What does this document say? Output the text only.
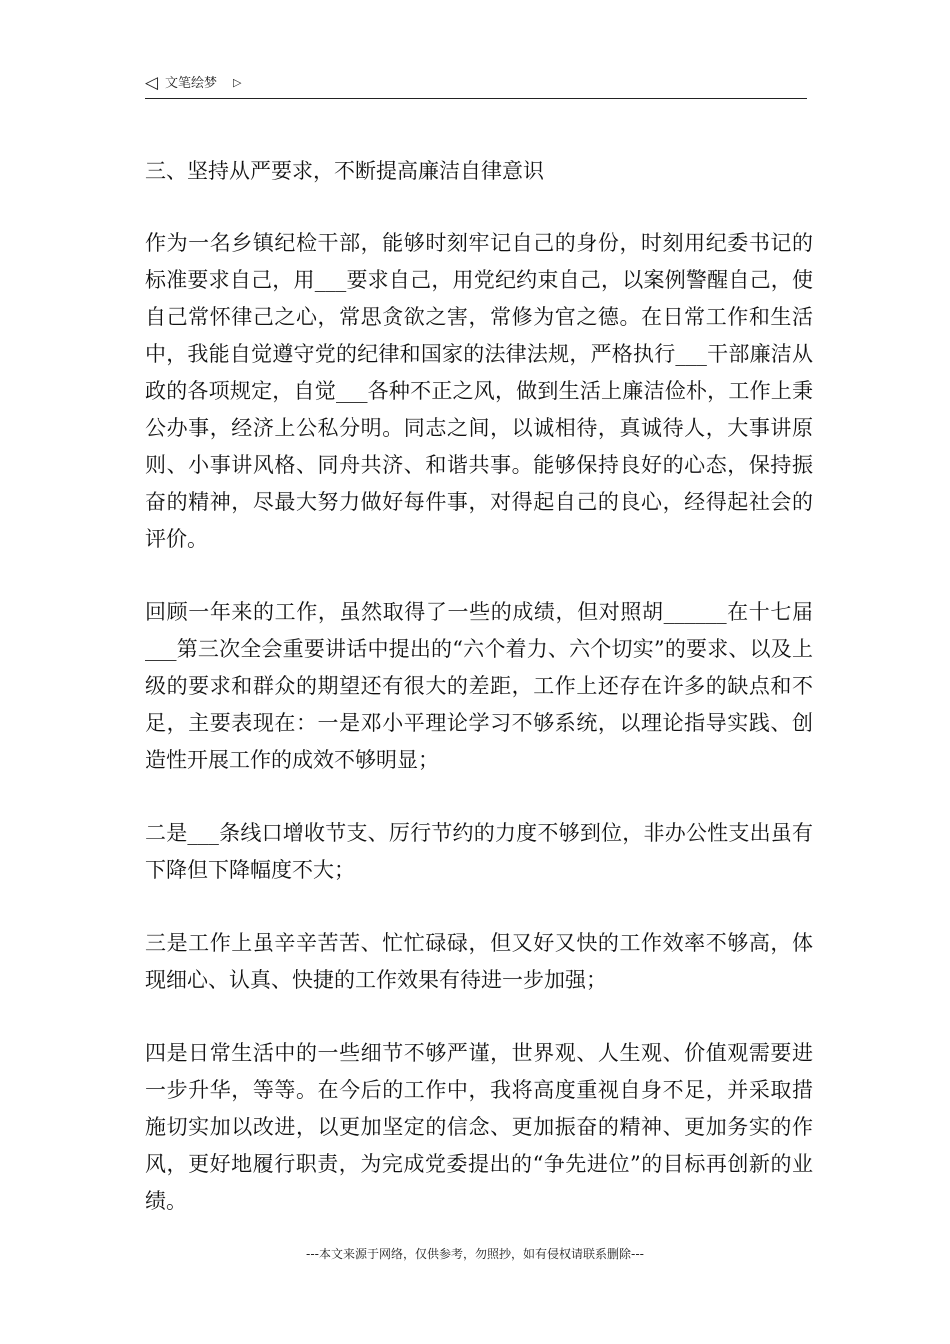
◁ 文笔绘梦 ▷

三、坚持从严要求，不断提高廉洁自律意识

作为一名乡镇纪检干部，能够时刻牢记自己的身份，时刻用纪委书记的标准要求自己，用___要求自己，用党纪约束自己，以案例警醒自己，使自己常怀律己之心，常思贪欲之害，常修为官之德。在日常工作和生活中，我能自觉遵守党的纪律和国家的法律法规，严格执行___干部廉洁从政的各项规定，自觉___各种不正之风，做到生活上廉洁俭朴，工作上秉公办事，经济上公私分明。同志之间，以诚相待，真诚待人，大事讲原则、小事讲风格、同舟共济、和谐共事。能够保持良好的心态，保持振奋的精神，尽最大努力做好每件事，对得起自己的良心，经得起社会的评价。

回顾一年来的工作，虽然取得了一些的成绩，但对照胡______在十七届___第三次全会重要讲话中提出的“六个着力、六个切实”的要求、以及上级的要求和群众的期望还有很大的差距，工作上还存在许多的缺点和不足，主要表现在：一是邓小平理论学习不够系统，以理论指导实践、创造性开展工作的成效不够明显；

二是___条线口增收节支、厉行节约的力度不够到位，非办公性支出虽有下降但下降幅度不大；

三是工作上虽辛辛苦苦、忙忙碌碌，但又好又快的工作效率不够高，体现细心、认真、快捷的工作效果有待进一步加强；

四是日常生活中的一些细节不够严谨，世界观、人生观、价值观需要进一步升华，等等。在今后的工作中，我将高度重视自身不足，并采取措施切实加以改进，以更加坚定的信念、更加振奋的精神、更加务实的作风，更好地履行职责，为完成党委提出的“争先进位”的目标再创新的业绩。

---本文来源于网络，仅供参考，勿照抄，如有侵权请联系删除---
